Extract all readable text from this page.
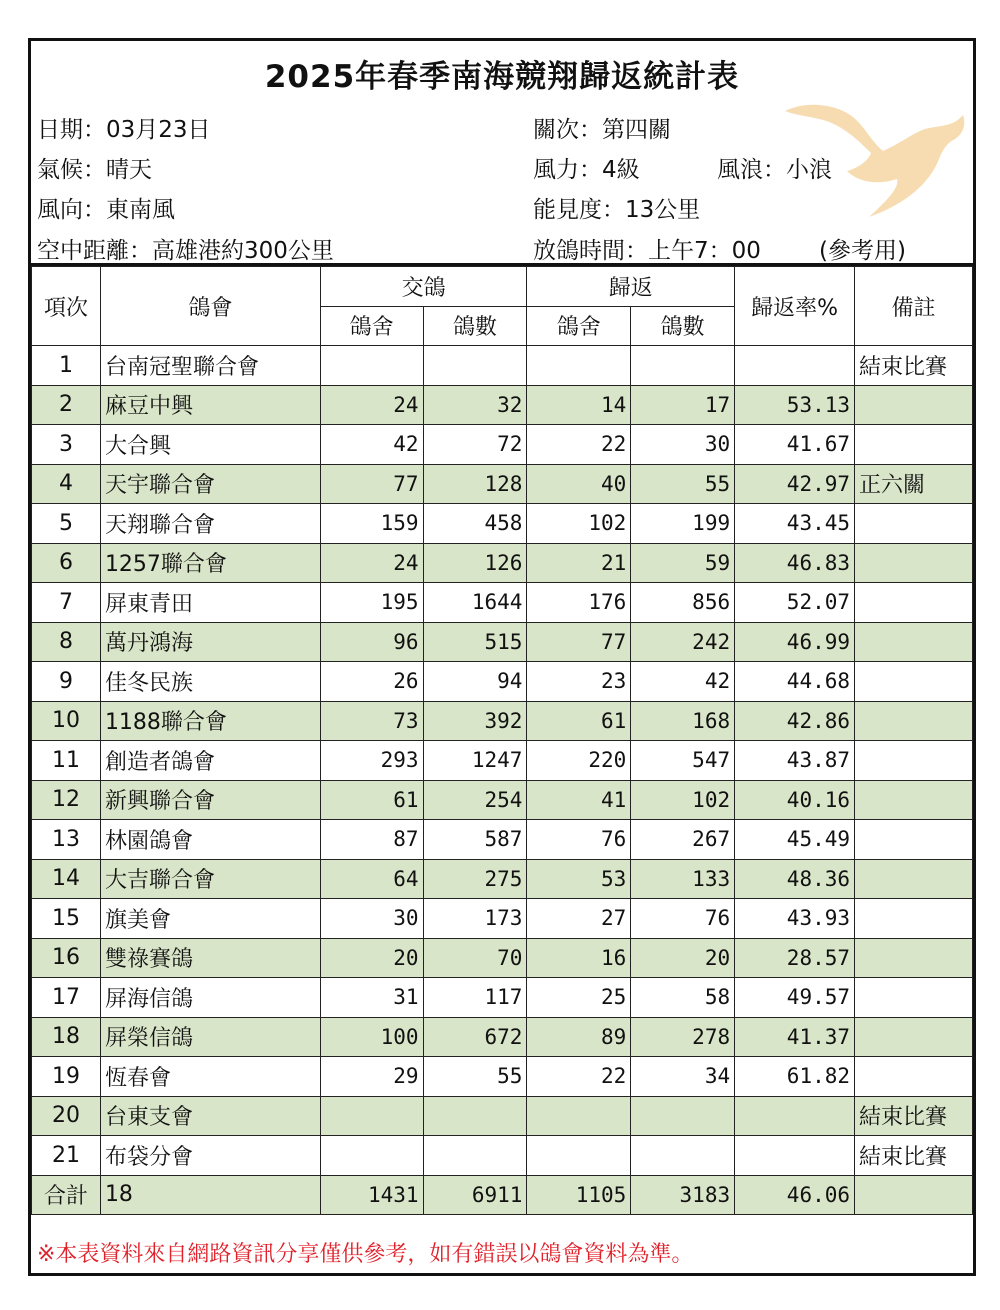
2025年春季南海競翔歸返統計表
日期：03月23日	關次：第四關
氣候：晴天	風力：4級	風浪：小浪
風向：東南風	能見度：13公里
空中距離：高雄港約300公里	放鴿時間：上午7：00	(參考用)
項次	鴿會	交鴿		歸返		歸返率%	備註
		鴿舍	鴿數	鴿舍	鴿數		
1	台南冠聖聯合會						結束比賽
2	麻豆中興	24	32	14	17	53.13	
3	大合興	42	72	22	30	41.67	
4	天宇聯合會	77	128	40	55	42.97	正六關
5	天翔聯合會	159	458	102	199	43.45	
6	1257聯合會	24	126	21	59	46.83	
7	屏東青田	195	1644	176	856	52.07	
8	萬丹鴻海	96	515	77	242	46.99	
9	佳冬民族	26	94	23	42	44.68	
10	1188聯合會	73	392	61	168	42.86	
11	創造者鴿會	293	1247	220	547	43.87	
12	新興聯合會	61	254	41	102	40.16	
13	林園鴿會	87	587	76	267	45.49	
14	大吉聯合會	64	275	53	133	48.36	
15	旗美會	30	173	27	76	43.93	
16	雙祿賽鴿	20	70	16	20	28.57	
17	屏海信鴿	31	117	25	58	49.57	
18	屏榮信鴿	100	672	89	278	41.37	
19	恆春會	29	55	22	34	61.82	
20	台東支會						結束比賽
21	布袋分會						結束比賽
合計	18	1431	6911	1105	3183	46.06	
※本表資料來自網路資訊分享僅供參考，如有錯誤以鴿會資料為準。
